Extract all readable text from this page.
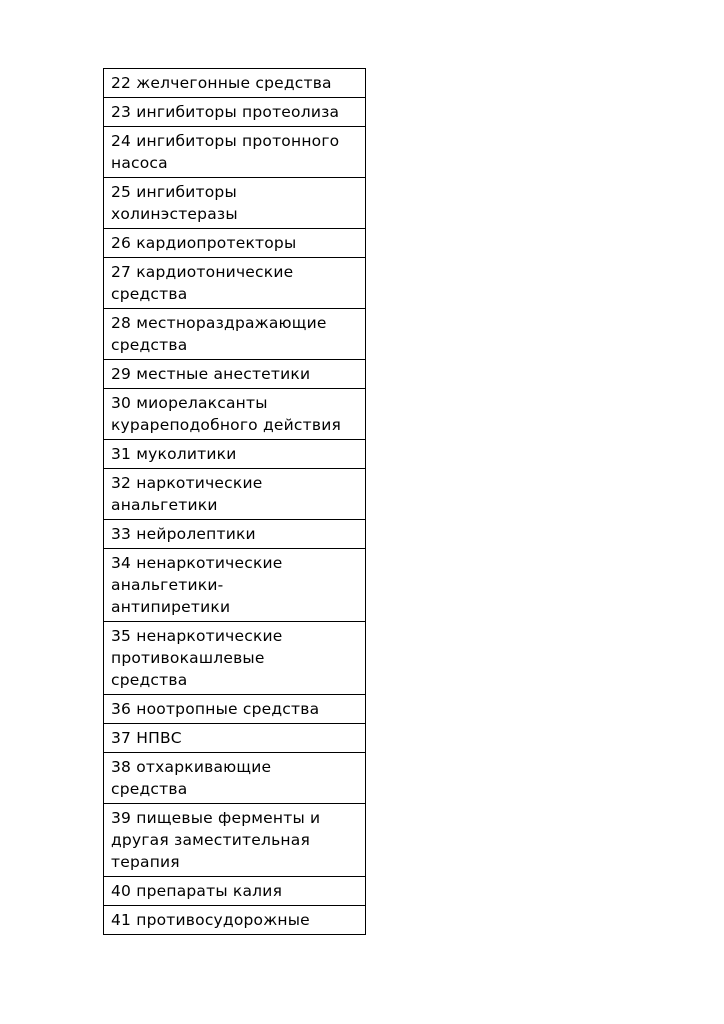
22 желчегонные средства

23 ингибиторы протеолиза

24 ингибиторы протонного
насоса

25 ингибиторы
холинэстеразы

26 кардиопротекторы

27 кардиотонические
средства

28 местнораздражающие
средства

29 местные анестетики

30 миорелаксанты
курареподобного действия

31 муколитики

32 наркотические
анальгетики

33 нейролептики

34 ненаркотические
анальгетики-
антипиретики

35 ненаркотические
противокашлевые
средства

36 ноотропные средства

37 НПВС

38 отхаркивающие
средства

39 пищевые ферменты и
другая заместительная
терапия

40 препараты калия

41 противосудорожные
